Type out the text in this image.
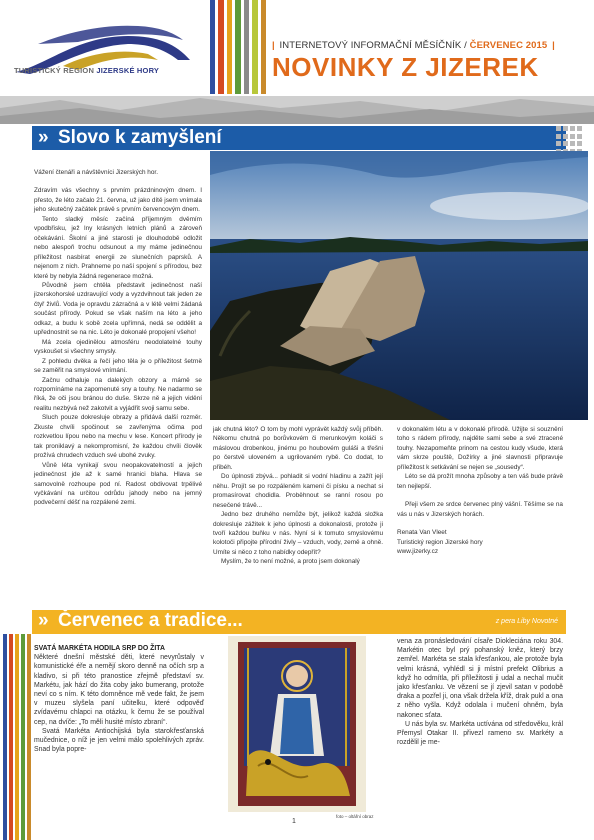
TURISTICKÝ REGION JIZERSKÉ HORY
| INTERNETOVÝ INFORMAČNÍ MĚSÍČNÍK / ČERVENEC 2015 |
NOVINKY Z JIZEREK
» Slovo k zamyšlení

Vážení čtenáři a návštěvníci Jizerských hor.

Zdravím vás všechny s prvním prázdninovým dnem. I přesto, že léto začalo 21. června, už jako dítě jsem vnímala jeho skutečný začátek právě s prvním červencovým dnem.

Tento sladký měsíc začíná příjemným dvěmím vpodbřisku, jež lny krásných letních plánů a zároveň očekávání. Školní a jiné starosti je dlouhodobě odložit nebo alespoň trochu odsunout a my máme jedinečnou příležitost nasbírat energii ze slunečních paprsků. A nejenom z nich. Prahneme po naší spojení s přírodou, bez které by nebyla žádná regenerace možná.

Původně jsem chtěla představit jedinečnost naší jizerskohorské uzdravující vody a vyzdvihnout tak jeden ze čtyř živlů. Voda je opravdu zázračná a v létě velmi žádaná součást přírody. Pokud se však naším na léto a jeho odkaz, a budu k sobě zcela upřímná, nedá se oddělit a upřednostnit se na nic. Léto je dokonalé propojení všeho!

Má zcela ojedinělou atmosféru neodolatelné touhy vyskoušet si všechny smysly.

Z pohledu dvěka a řečí jeho těla je o příležitost šetrně se zaměřit na smyslové vnímání.

Začnu odhaluje na dalekých obzory a mámě se rozpomínáme na zapomenuté sny a touhy. Ne nadarmo se říká, že oči jsou bránou do duše. Skrze ně a jejich vidění realitu nezbývá než zakotvit a vyjádřit svoji samu sebe.

Sluch pouze dokresluje obrazy a přidává další rozměr. Zkuste chvíli spočinout se zavřenýma očima pod rozkvetlou lípou nebo na mechu v lese. Koncert přírody je tak proniklavý a nekompromisní, že každou chvíli člověk prožívá chrudech vzduch své ubohé zvuky.

Vůně léta vynikají svou neopakovatelností a jejich jedinečnost jde až k samé hranici blaha. Hlava se samovolně rozhoupe pod ní. Radost obdivovat trpělivé vyčkávání na určitou odrůdu jahody nebo na jemný podvečerní déšť na rozpálené zemi.

jak chutná léto? O tom by mohl vyprávět každý svůj příběh. Někomu chutná po borůvkovém či merunkovým koláči s máslovou drobenkou, jinému po houbovém guláši a třešni po čerstvě uloveném a ugrilovaném rybě. Co dodat, to přibéh.

Do úplnosti zbývá... pohladit si vodní hladinu a zažít její něhu. Projít se po rozpáleném kameni či písku a nechat si promasírovat chodidla. Proběhnout se ranní rosou po nesečené trávě...

Jedno bez druhého nemůže být, jelikož každá složka dokresluje zážitek k jeho úplnosti a dokonalosti, protože ji tvoří každou buňku v nás. Nyní si k tomuto smyslovému kolotoči připojte přírodní živly – vzduch, vody, země a ohně. Umíte si něco z toho nabídky odepřít?

Myslím, že to není možné, a proto jsem dokonalý

v dokonalém létu a v dokonalé přírodě. Užijte si souznění toho s rádem přírody, najděte sami sebe a své ztracené touhy. Nezapomeňte prinom na cestou kudy všude, která vám skrze pouště, Dožírky a jiné slavnosti připravuje příležitost k setkávání se nejen se „sousedy“.

Léto se dá prožít mnoha způsoby a ten váš bude právě ten nejlepší.

Přeji všem ze srdce červenec plný vášní. Těšíme se na vás u nás v Jizerských horách.

Renata Van Vleet

Turistický region Jizerské hory

www.jizerky.cz

» Červenec a tradice...	z pera Liby Novotné

SVATÁ MARKÉTA HODILA SRP DO ŽITA

Některé dnešní městské děti, které nevyrůstaly v komunistické éře a nemějí skoro denně na očích srp a kladivo, si při této pranostice zřejmě představí sv. Markétu, jak hází do žita coby jako bumerang, protože neví co s ním. K této domněnce mě vede fakt, že jsem v muzeu slyšela paní učitelku, které odpověď zvídavému chlapci na otázku, k čemu že se používal cep, na dvíče: „To měli husité místo zbraní“.

Svatá Markéta Antiochijská byla starokřesťanská mučednice, o níž je jen velmi málo spolehlivých zpráv. Snad byla popre-

foto – oltářní obraz

vena za pronásledování císaře Diokleciána roku 304. Markétin otec byl prý pohanský kněz, který brzy zemřel. Markéta se stala křesťankou, ale protože byla velmi krásná, vyhlédl si ji místní prefekt Olibrius a když ho odmítla, při příležitosti ji udal a nechal mučit jako křesťanku. Ve vězení se jí zjevil satan v podobě draka a pozřel ji, ona však držela kříž, drak pukl a ona z něho vyšla. Když odolala i mučení ohněm, byla nakonec sťata.

U nás byla sv. Markéta uctívána od středověku, král Přemysl Otakar II. přivezl rameno sv. Markéty a rozdělil je me-

1
